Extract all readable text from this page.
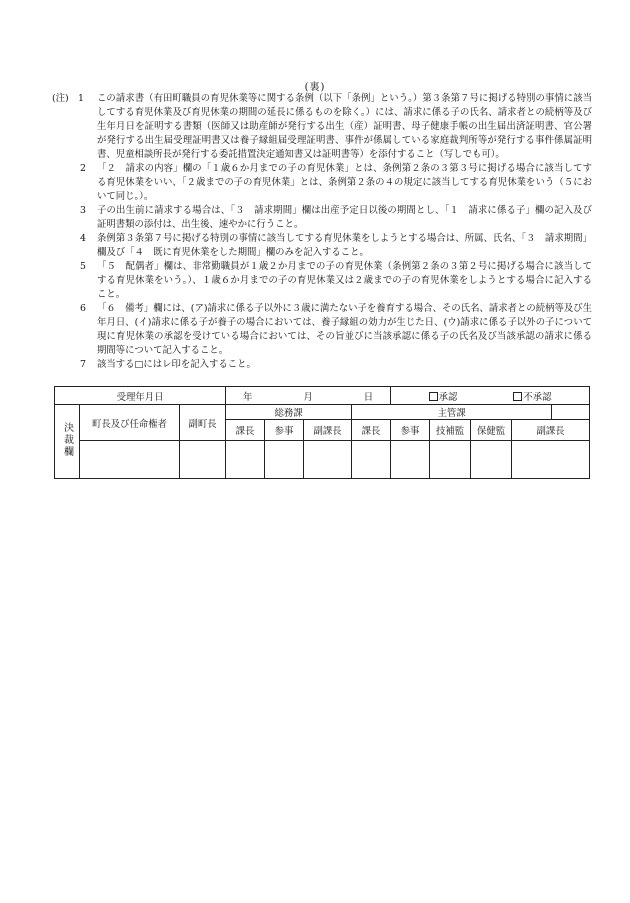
(裏)
(注) 1 この請求書（有田町職員の育児休業等に関する条例（以下「条例」という。）第３条第７号に掲げる特別の事情に該当してする育児休業及び育児休業の期間の延長に係るものを除く。）には、請求に係る子の氏名、請求者との続柄等及び生年月日を証明する書類（医師又は助産師が発行する出生（産）証明書、母子健康手帳の出生届出済証明書、官公署が発行する出生届受理証明書又は養子縁組届受理証明書、事件が係属している家庭裁判所等が発行する事件係属証明書、児童相談所長が発行する委託措置決定通知書又は証明書等）を添付すること（写しでも可）。
2 「２　請求の内容」欄の「１歳６か月までの子の育児休業」とは、条例第２条の３第３号に掲げる場合に該当してする育児休業をいい、「２歳までの子の育児休業」とは、条例第２条の４の規定に該当してする育児休業をいう（５において同じ。）。
3 子の出生前に請求する場合は、「３　請求期間」欄は出産予定日以後の期間とし、「１　請求に係る子」欄の記入及び証明書類の添付は、出生後、速やかに行うこと。
4 条例第３条第７号に掲げる特別の事情に該当してする育児休業をしようとする場合は、所属、氏名、「３　請求期間」欄及び「４　既に育児休業をした期間」欄のみを記入すること。
5 「５　配偶者」欄は、非常勤職員が１歳２か月までの子の育児休業（条例第２条の３第２号に掲げる場合に該当してする育児休業をいう。）、１歳６か月までの子の育児休業又は２歳までの子の育児休業をしようとする場合に記入すること。
6 「６　備考」欄には、(ア)請求に係る子以外に３歳に満たない子を養育する場合、その氏名、請求者との続柄等及び生年月日、(イ)請求に係る子が養子の場合においては、養子縁組の効力が生じた日、(ウ)請求に係る子以外の子について現に育児休業の承認を受けている場合においては、その旨並びに当該承認に係る子の氏名及び当該承認の請求に係る期間等について記入すること。
7 該当する□にはレ印を記入すること。
受理年月日			年 月 日				承認 不承認				
決裁欄	町長及び任命権者	副町長	総務課			主管課					
			課長	参事	副課長	課長	参事	技補監	保健監	副課長	
